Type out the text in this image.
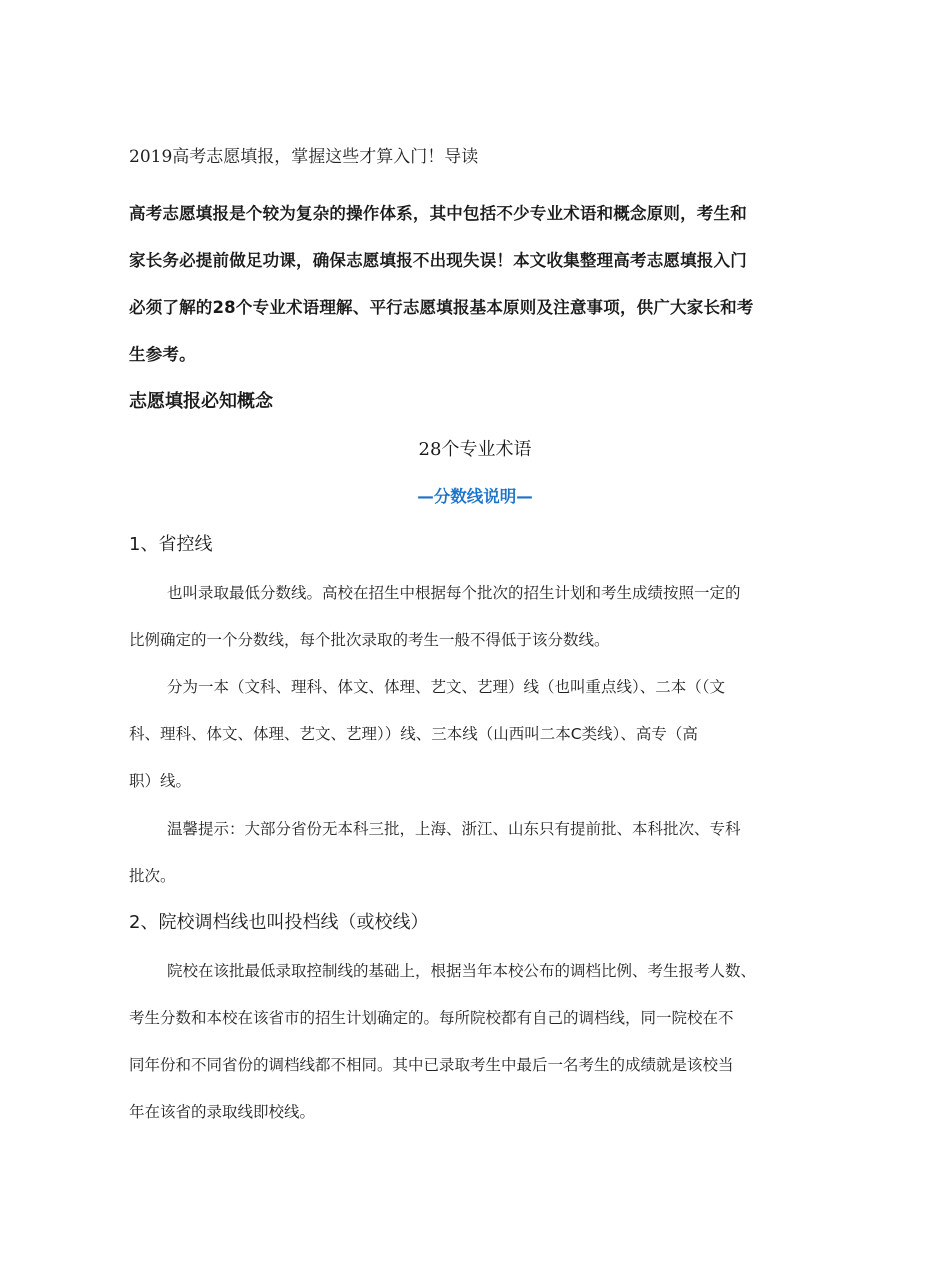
2019高考志愿填报，掌握这些才算入门！导读
高考志愿填报是个较为复杂的操作体系，其中包括不少专业术语和概念原则，考生和
家长务必提前做足功课，确保志愿填报不出现失误！本文收集整理高考志愿填报入门
必须了解的28个专业术语理解、平行志愿填报基本原则及注意事项，供广大家长和考
生参考。
志愿填报必知概念
28个专业术语
—分数线说明—
1、省控线
也叫录取最低分数线。高校在招生中根据每个批次的招生计划和考生成绩按照一定的
比例确定的一个分数线，每个批次录取的考生一般不得低于该分数线。
分为一本（文科、理科、体文、体理、艺文、艺理）线（也叫重点线）、二本（（文
科、理科、体文、体理、艺文、艺理））线、三本线（山西叫二本C类线）、高专（高
职）线。
温馨提示：大部分省份无本科三批，上海、浙江、山东只有提前批、本科批次、专科
批次。
2、院校调档线也叫投档线（或校线）
院校在该批最低录取控制线的基础上，根据当年本校公布的调档比例、考生报考人数、
考生分数和本校在该省市的招生计划确定的。每所院校都有自己的调档线，同一院校在不
同年份和不同省份的调档线都不相同。其中已录取考生中最后一名考生的成绩就是该校当
年在该省的录取线即校线。
